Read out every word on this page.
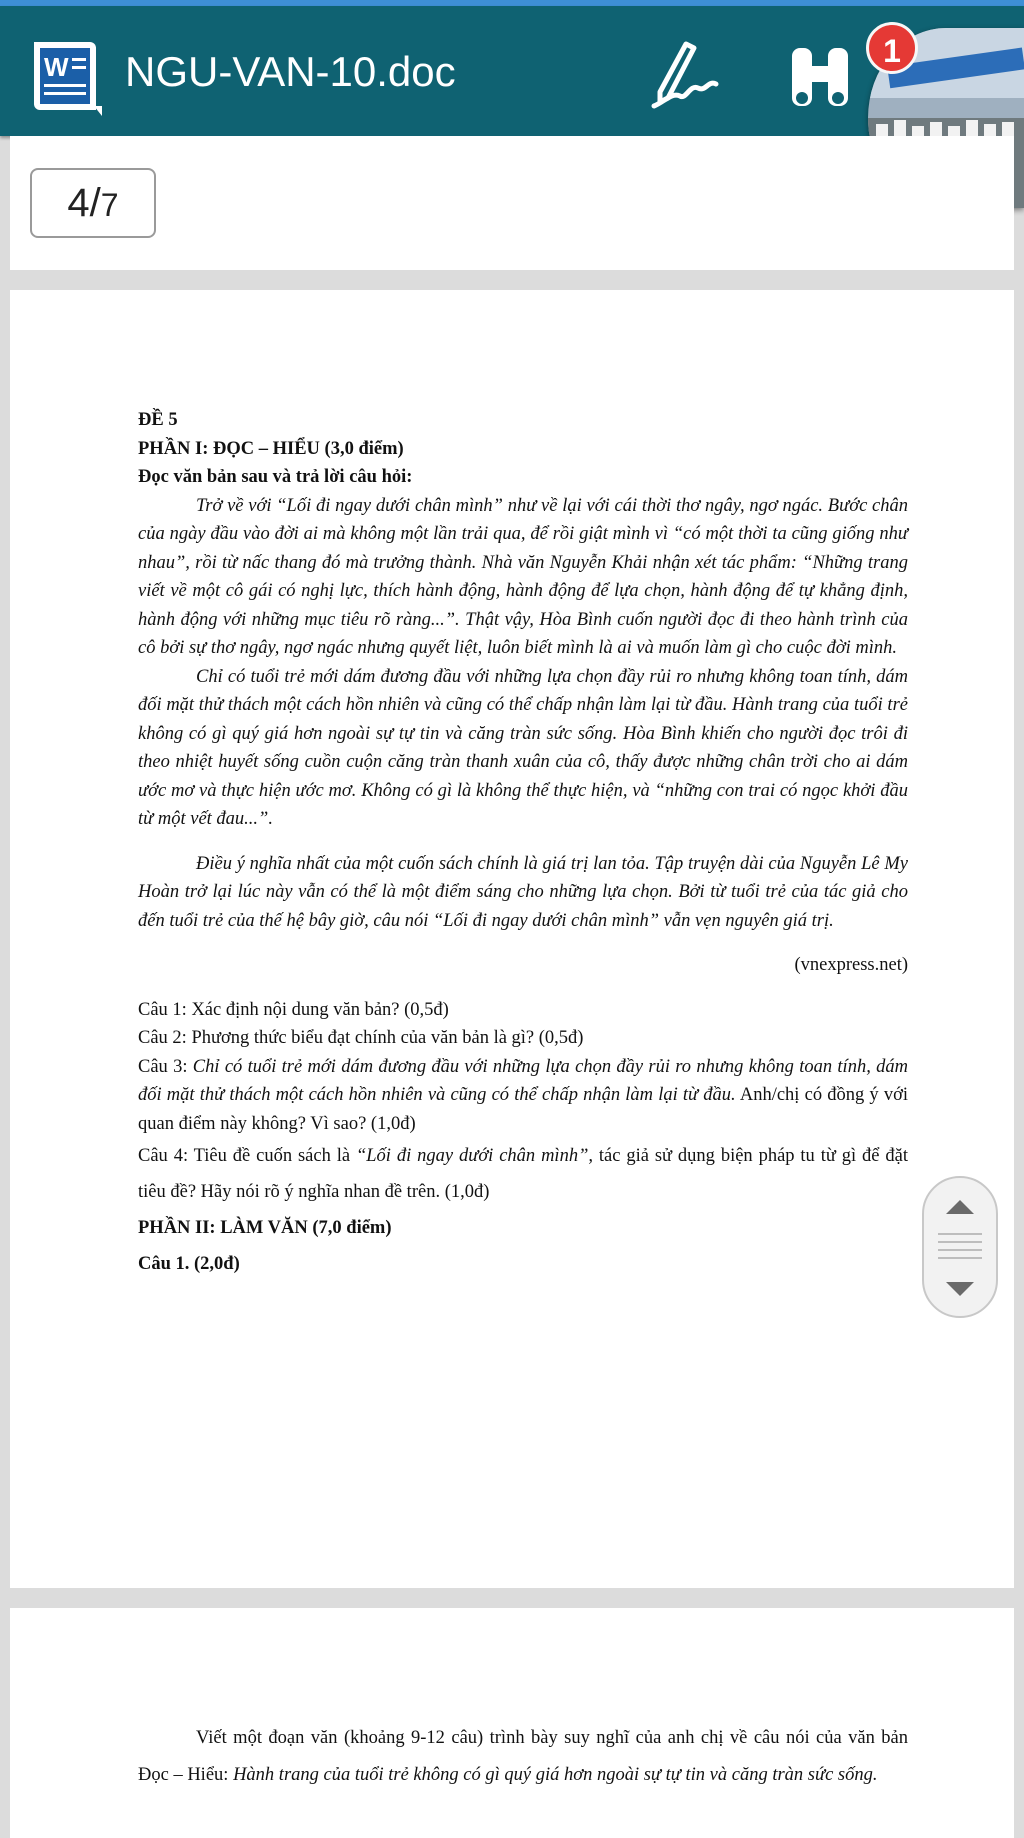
W NGU-VAN-10.doc	1
4/7

ĐỀ 5

PHẦN I: ĐỌC – HIỂU (3,0 điểm)

Đọc văn bản sau và trả lời câu hỏi:

Trở về với “Lối đi ngay dưới chân mình” như về lại với cái thời thơ ngây, ngơ ngác. Bước chân của ngày đầu vào đời ai mà không một lần trải qua, để rồi giật mình vì “có một thời ta cũng giống như nhau”, rồi từ nấc thang đó mà trưởng thành. Nhà văn Nguyễn Khải nhận xét tác phẩm: “Những trang viết về một cô gái có nghị lực, thích hành động, hành động để lựa chọn, hành động để tự khẳng định, hành động với những mục tiêu rõ ràng...”. Thật vậy, Hòa Bình cuốn người đọc đi theo hành trình của cô bởi sự thơ ngây, ngơ ngác nhưng quyết liệt, luôn biết mình là ai và muốn làm gì cho cuộc đời mình.

Chỉ có tuổi trẻ mới dám đương đầu với những lựa chọn đầy rủi ro nhưng không toan tính, dám đối mặt thử thách một cách hồn nhiên và cũng có thể chấp nhận làm lại từ đầu. Hành trang của tuổi trẻ không có gì quý giá hơn ngoài sự tự tin và căng tràn sức sống. Hòa Bình khiến cho người đọc trôi đi theo nhiệt huyết sống cuồn cuộn căng tràn thanh xuân của cô, thấy được những chân trời cho ai dám ước mơ và thực hiện ước mơ. Không có gì là không thể thực hiện, và “những con trai có ngọc khởi đầu từ một vết đau...”.

Điều ý nghĩa nhất của một cuốn sách chính là giá trị lan tỏa. Tập truyện dài của Nguyễn Lê My Hoàn trở lại lúc này vẫn có thể là một điểm sáng cho những lựa chọn. Bởi từ tuổi trẻ của tác giả cho đến tuổi trẻ của thế hệ bây giờ, câu nói “Lối đi ngay dưới chân mình” vẫn vẹn nguyên giá trị.

(vnexpress.net)

Câu 1: Xác định nội dung văn bản? (0,5đ)

Câu 2: Phương thức biểu đạt chính của văn bản là gì? (0,5đ)

Câu 3: Chỉ có tuổi trẻ mới dám đương đầu với những lựa chọn đầy rủi ro nhưng không toan tính, dám đối mặt thử thách một cách hồn nhiên và cũng có thể chấp nhận làm lại từ đầu. Anh/chị có đồng ý với quan điểm này không? Vì sao? (1,0đ)

Câu 4: Tiêu đề cuốn sách là “Lối đi ngay dưới chân mình”, tác giả sử dụng biện pháp tu từ gì để đặt tiêu đề? Hãy nói rõ ý nghĩa nhan đề trên. (1,0đ)

PHẦN II: LÀM VĂN (7,0 điểm)

Câu 1. (2,0đ)

Viết một đoạn văn (khoảng 9-12 câu) trình bày suy nghĩ của anh chị về câu nói của văn bản Đọc – Hiểu: Hành trang của tuổi trẻ không có gì quý giá hơn ngoài sự tự tin và căng tràn sức sống.
